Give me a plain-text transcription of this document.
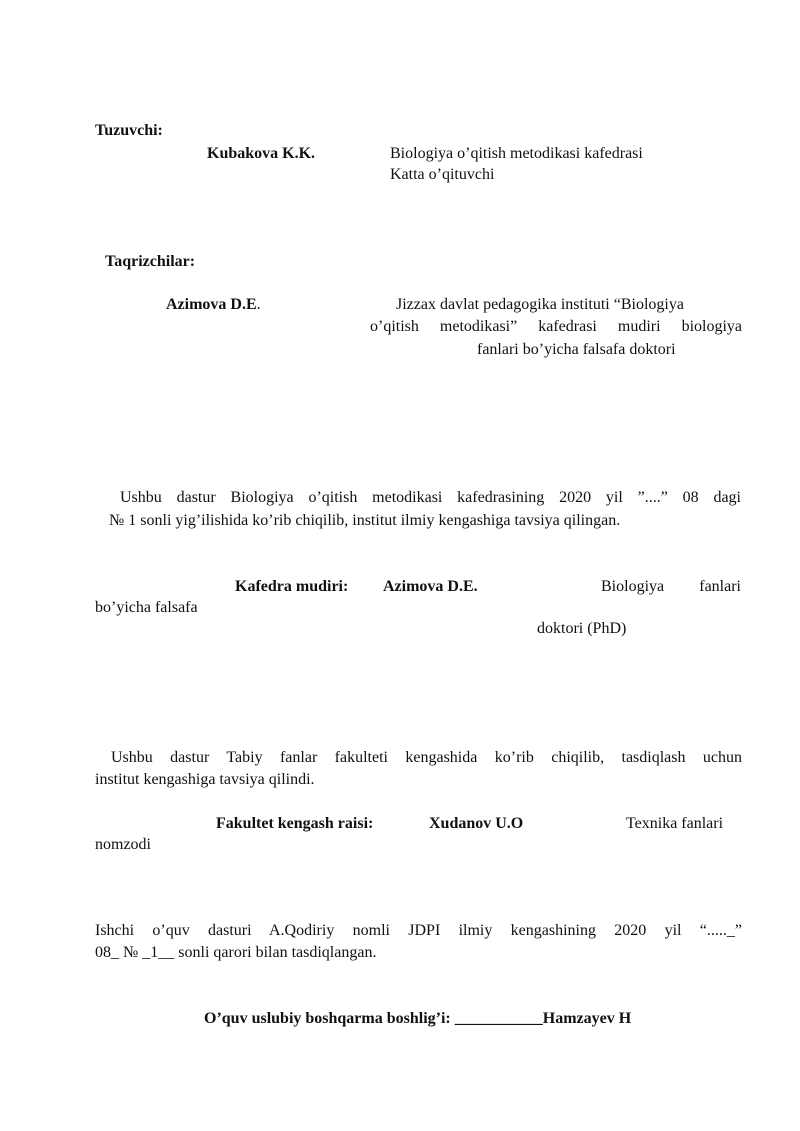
Tuzuvchi:
Kubakova K.K.	Biologiya o’qitish metodikasi kafedrasi
Katta o’qituvchi
Taqrizchilar:
Azimova D.E.	Jizzax davlat pedagogika instituti “Biologiya
o’qitish metodikasi” kafedrasi mudiri biologiya
fanlari bo’yicha falsafa doktori
Ushbu dastur Biologiya o’qitish metodikasi kafedrasining 2020 yil ”....” 08 dagi
№ 1 sonli yig’ilishida ko’rib chiqilib, institut ilmiy kengashiga tavsiya qilingan.
Kafedra mudiri: Azimova D.E.	Biologiya fanlari
bo’yicha falsafa
doktori (PhD)
Ushbu dastur Tabiy fanlar fakulteti kengashida ko’rib chiqilib, tasdiqlash uchun
institut kengashiga tavsiya qilindi.
Fakultet kengash raisi:	Xudanov U.O	Texnika fanlari
nomzodi
Ishchi o’quv dasturi A.Qodiriy nomli JDPI ilmiy kengashining 2020 yil “....._”
08_ № _1__ sonli qarori bilan tasdiqlangan.
O’quv uslubiy boshqarma boshlig’i: ___________Hamzayev H
